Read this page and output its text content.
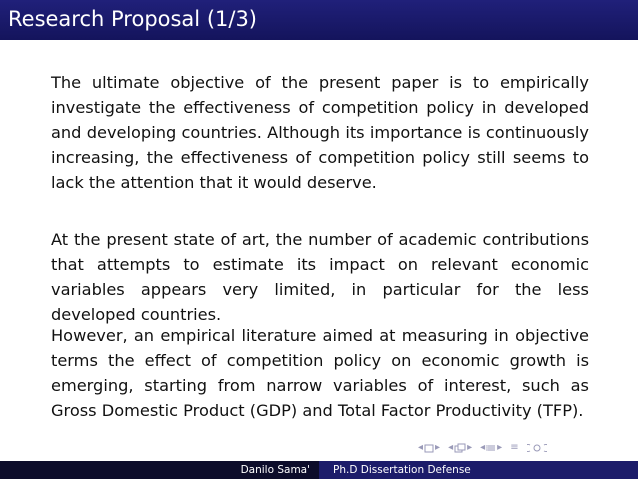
Research Proposal (1/3)

The ultimate objective of the present paper is to empirically investigate the effectiveness of competition policy in developed and developing countries. Although its importance is continuously increasing, the effectiveness of competition policy still seems to lack the attention that it would deserve.

At the present state of art, the number of academic contributions that attempts to estimate its impact on relevant economic variables appears very limited, in particular for the less developed countries.

However, an empirical literature aimed at measuring in objective terms the effect of competition policy on economic growth is emerging, starting from narrow variables of interest, such as Gross Domestic Product (GDP) and Total Factor Productivity (TFP).

◂ ▸ ◂ ▸ ◂ ▸ ≡
Danilo Sama' Ph.D Dissertation Defense
